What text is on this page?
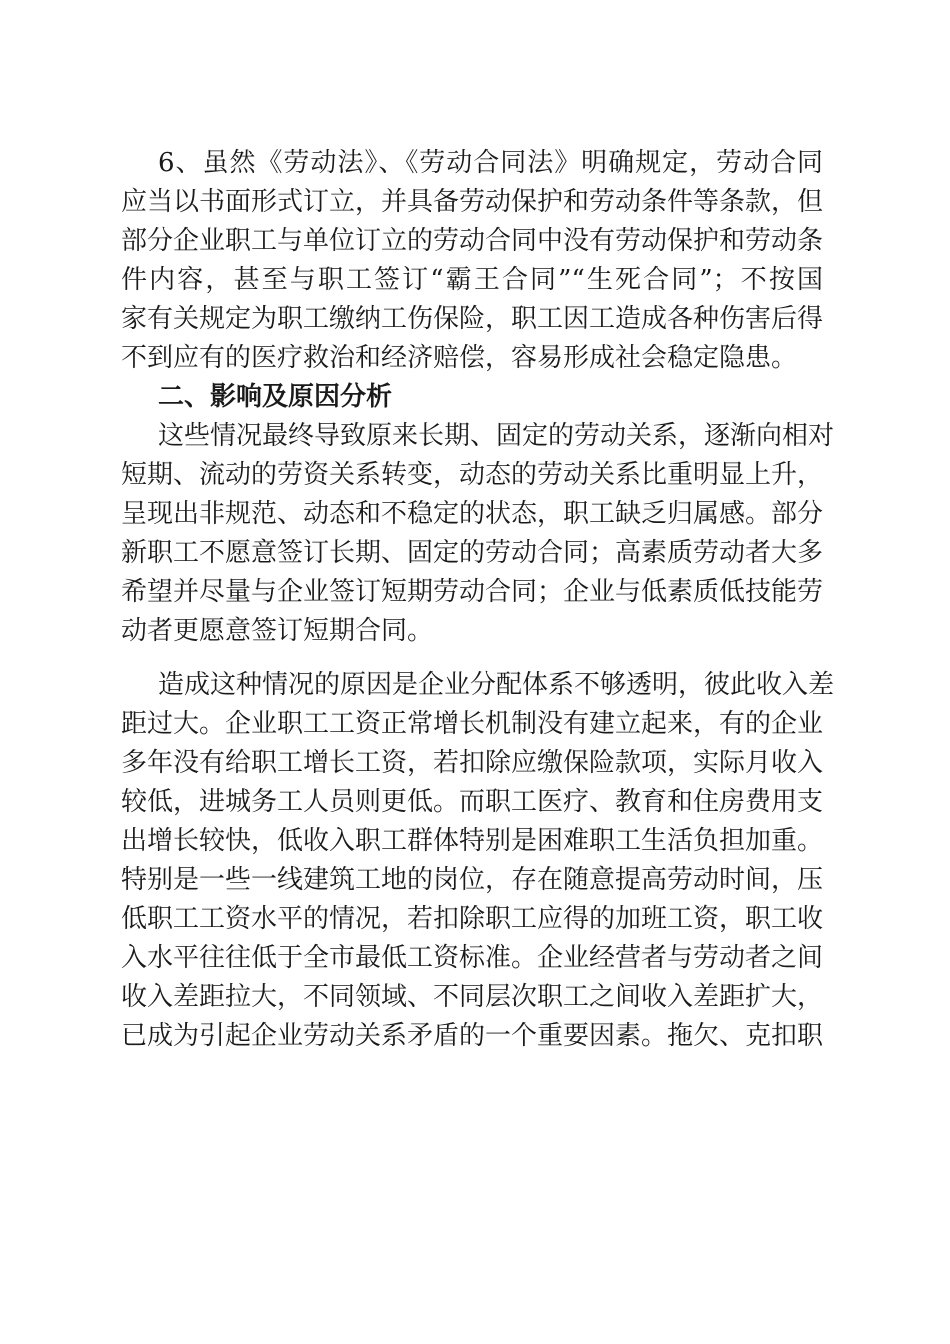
6、虽然《劳动法》、《劳动合同法》明确规定，劳动合同
应当以书面形式订立，并具备劳动保护和劳动条件等条款，但
部分企业职工与单位订立的劳动合同中没有劳动保护和劳动条
件内容，甚至与职工签订“霸王合同”“生死合同”；不按国
家有关规定为职工缴纳工伤保险，职工因工造成各种伤害后得
不到应有的医疗救治和经济赔偿，容易形成社会稳定隐患。
二、影响及原因分析
这些情况最终导致原来长期、固定的劳动关系，逐渐向相对
短期、流动的劳资关系转变，动态的劳动关系比重明显上升，
呈现出非规范、动态和不稳定的状态，职工缺乏归属感。部分
新职工不愿意签订长期、固定的劳动合同；高素质劳动者大多
希望并尽量与企业签订短期劳动合同；企业与低素质低技能劳
动者更愿意签订短期合同。
造成这种情况的原因是企业分配体系不够透明，彼此收入差
距过大。企业职工工资正常增长机制没有建立起来，有的企业
多年没有给职工增长工资，若扣除应缴保险款项，实际月收入
较低，进城务工人员则更低。而职工医疗、教育和住房费用支
出增长较快，低收入职工群体特别是困难职工生活负担加重。
特别是一些一线建筑工地的岗位，存在随意提高劳动时间，压
低职工工资水平的情况，若扣除职工应得的加班工资，职工收
入水平往往低于全市最低工资标准。企业经营者与劳动者之间
收入差距拉大，不同领域、不同层次职工之间收入差距扩大，
已成为引起企业劳动关系矛盾的一个重要因素。拖欠、克扣职
